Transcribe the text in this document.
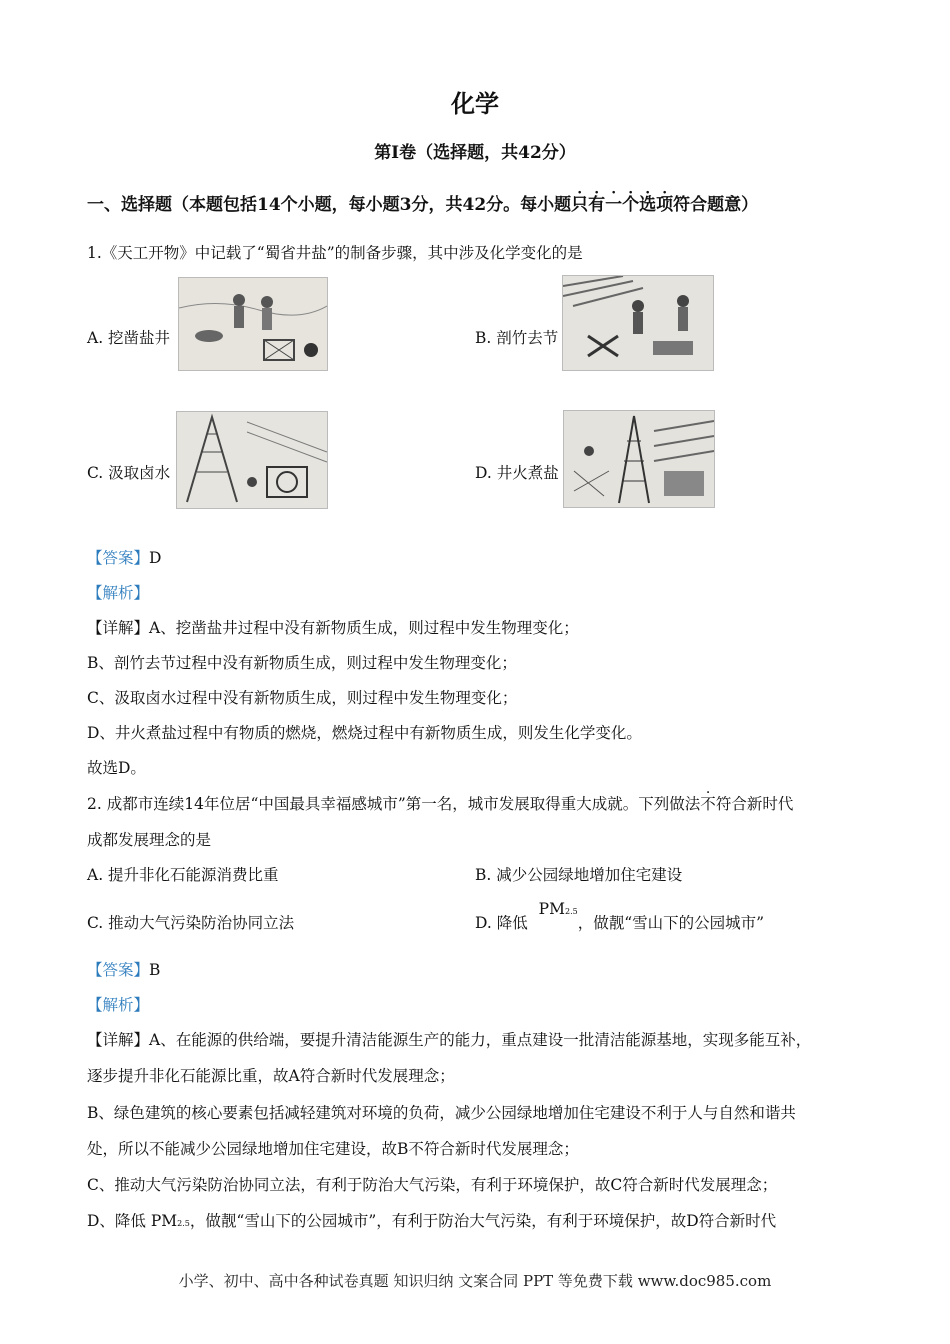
化学
第I卷（选择题，共42分）
一、选择题（本题包括14个小题，每小题3分，共42分。每小题只有一个选项符合题意）
1.《天工开物》中记载了“蜀省井盐”的制备步骤，其中涉及化学变化的是
A. 挖凿盐井	B. 剖竹去节
C. 汲取卤水	D. 井火煮盐
【答案】D
【解析】
【详解】A、挖凿盐井过程中没有新物质生成，则过程中发生物理变化；
B、剖竹去节过程中没有新物质生成，则过程中发生物理变化；
C、汲取卤水过程中没有新物质生成，则过程中发生物理变化；
D、井火煮盐过程中有物质的燃烧，燃烧过程中有新物质生成，则发生化学变化。
故选D。
2. 成都市连续14年位居“中国最具幸福感城市”第一名，城市发展取得重大成就。下列做法不符合新时代
成都发展理念的是
A. 提升非化石能源消费比重	B. 减少公园绿地增加住宅建设
C. 推动大气污染防治协同立法	D. 降低 PM2.5，做靓“雪山下的公园城市”
【答案】B
【解析】
【详解】A、在能源的供给端，要提升清洁能源生产的能力，重点建设一批清洁能源基地，实现多能互补，
逐步提升非化石能源比重，故A符合新时代发展理念；
B、绿色建筑的核心要素包括减轻建筑对环境的负荷，减少公园绿地增加住宅建设不利于人与自然和谐共
处，所以不能减少公园绿地增加住宅建设，故B不符合新时代发展理念；
C、推动大气污染防治协同立法，有利于防治大气污染，有利于环境保护，故C符合新时代发展理念；
D、降低 PM2.5，做靓“雪山下的公园城市”，有利于防治大气污染，有利于环境保护，故D符合新时代
小学、初中、高中各种试卷真题 知识归纳 文案合同 PPT 等免费下载 www.doc985.com
